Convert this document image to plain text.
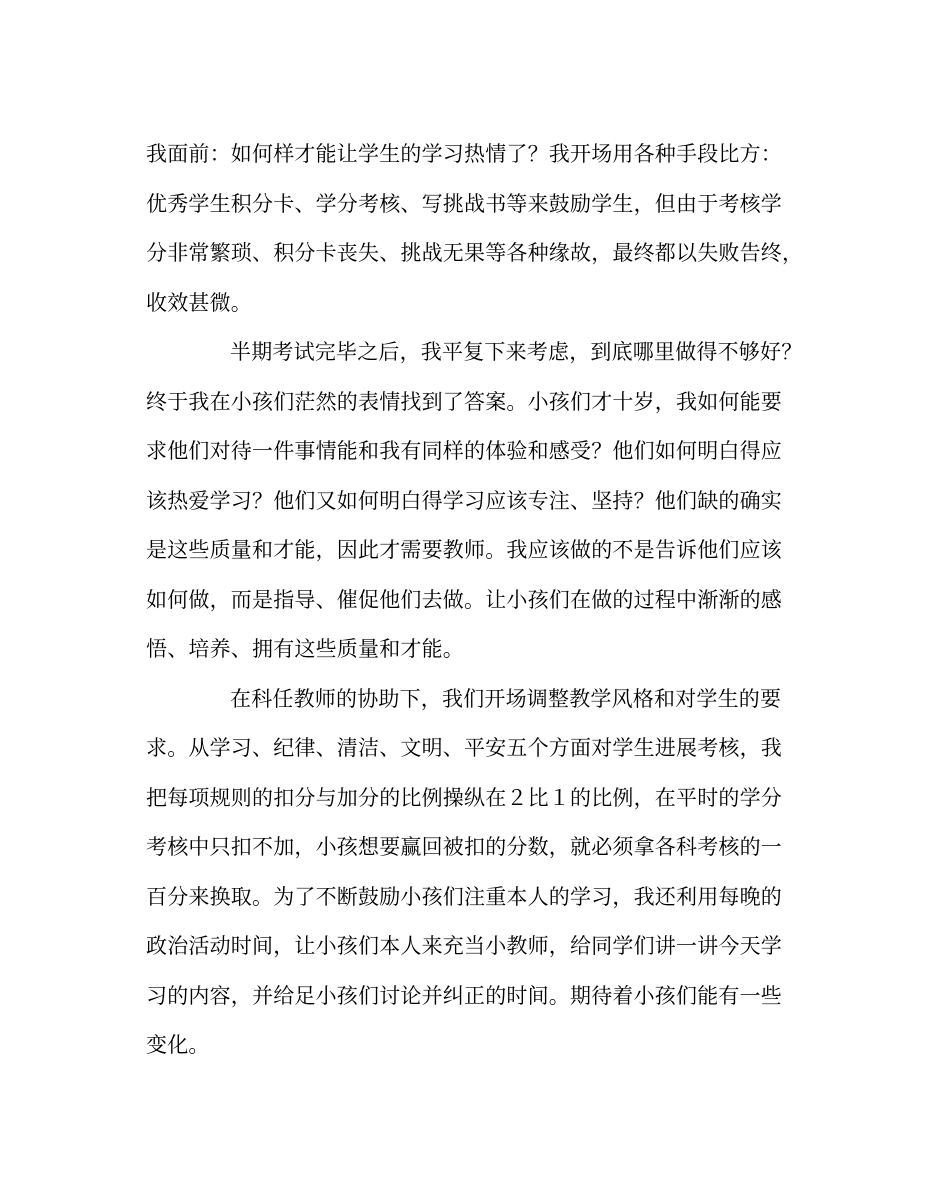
我面前：如何样才能让学生的学习热情了？我开场用各种手段比方：
优秀学生积分卡、学分考核、写挑战书等来鼓励学生，但由于考核学
分非常繁琐、积分卡丧失、挑战无果等各种缘故，最终都以失败告终，
收效甚微。
半期考试完毕之后，我平复下来考虑，到底哪里做得不够好？
终于我在小孩们茫然的表情找到了答案。小孩们才十岁，我如何能要
求他们对待一件事情能和我有同样的体验和感受？他们如何明白得应
该热爱学习？他们又如何明白得学习应该专注、坚持？他们缺的确实
是这些质量和才能，因此才需要教师。我应该做的不是告诉他们应该
如何做，而是指导、催促他们去做。让小孩们在做的过程中渐渐的感
悟、培养、拥有这些质量和才能。
在科任教师的协助下，我们开场调整教学风格和对学生的要
求。从学习、纪律、清洁、文明、平安五个方面对学生进展考核，我
把每项规则的扣分与加分的比例操纵在２比１的比例，在平时的学分
考核中只扣不加，小孩想要赢回被扣的分数，就必须拿各科考核的一
百分来换取。为了不断鼓励小孩们注重本人的学习，我还利用每晚的
政治活动时间，让小孩们本人来充当小教师，给同学们讲一讲今天学
习的内容，并给足小孩们讨论并纠正的时间。期待着小孩们能有一些
变化。
